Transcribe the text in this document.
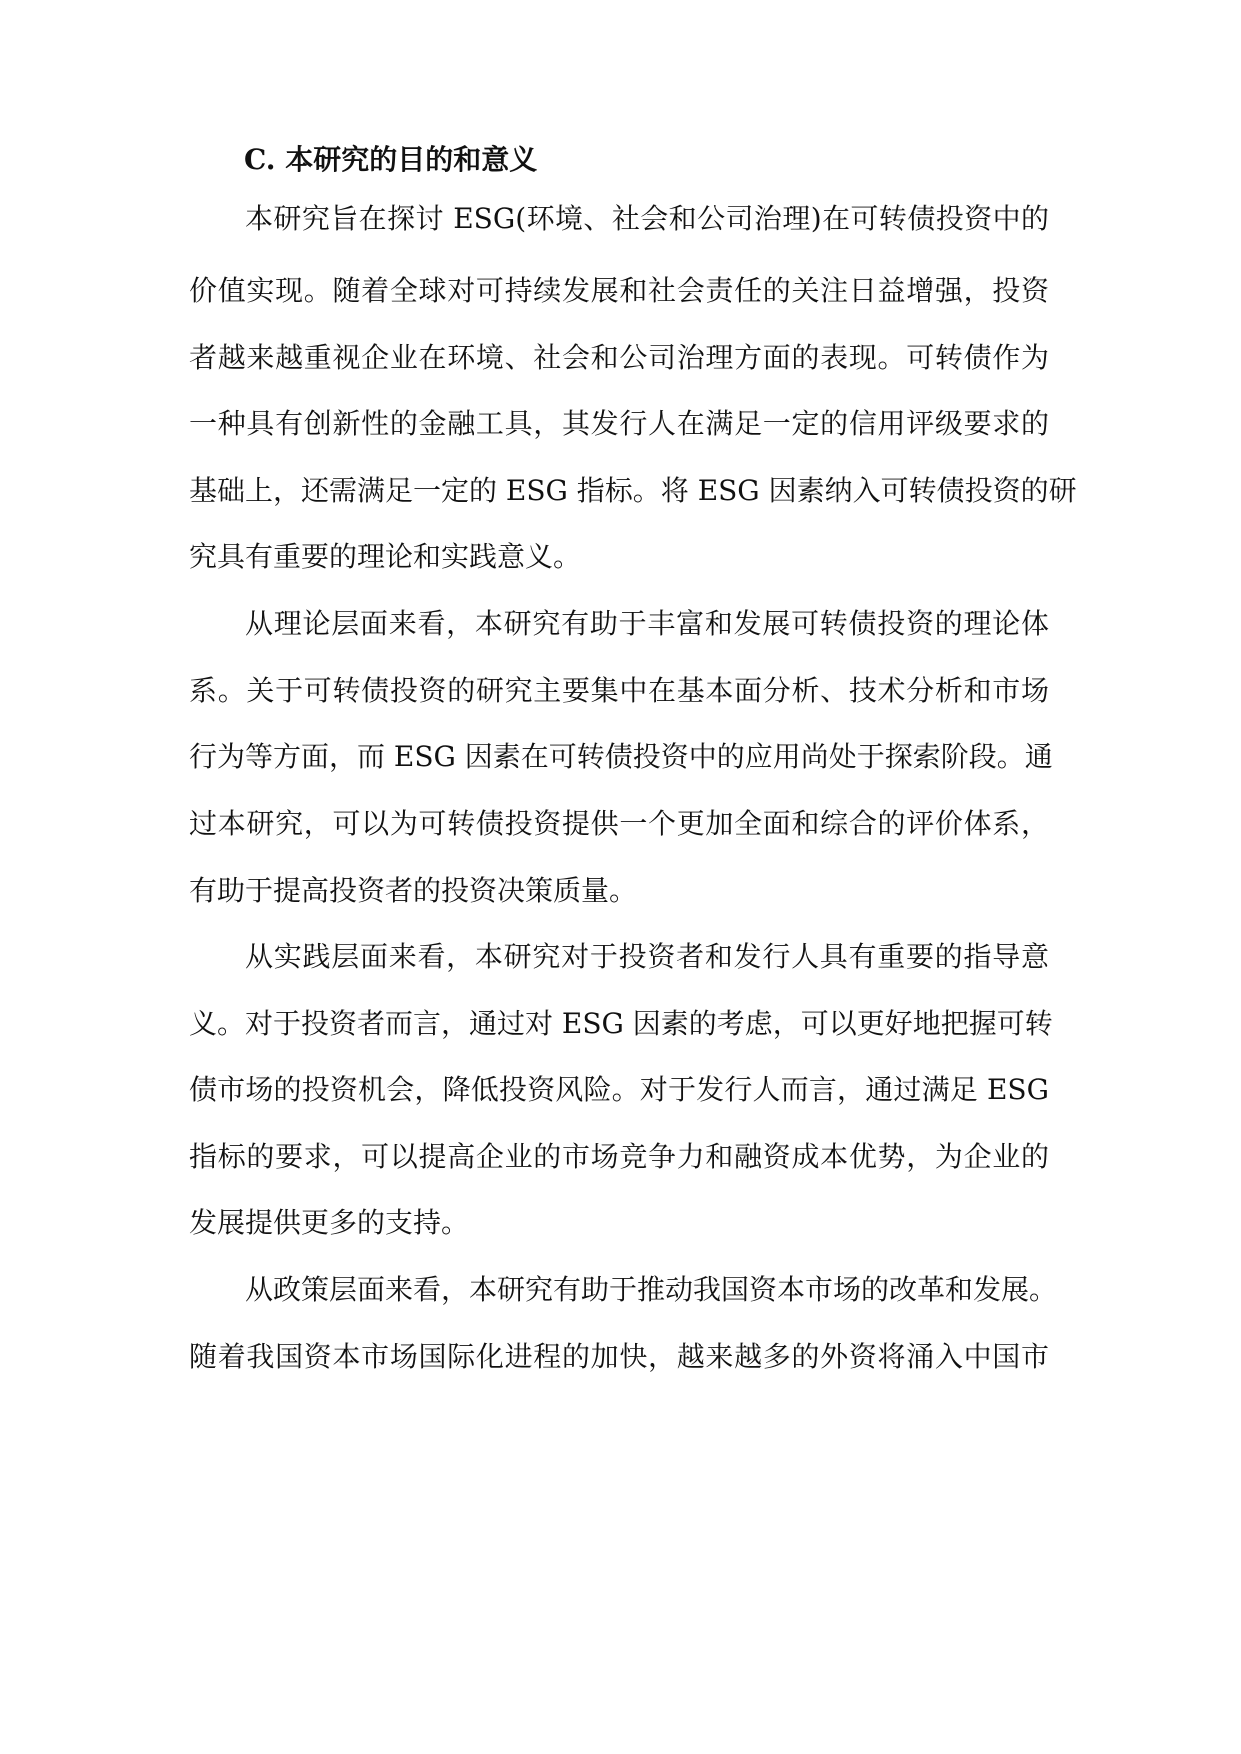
C. 本研究的目的和意义
本研究旨在探讨 ESG(环境、社会和公司治理)在可转债投资中的
价值实现。随着全球对可持续发展和社会责任的关注日益增强，投资
者越来越重视企业在环境、社会和公司治理方面的表现。可转债作为
一种具有创新性的金融工具，其发行人在满足一定的信用评级要求的
基础上，还需满足一定的 ESG 指标。将 ESG 因素纳入可转债投资的研
究具有重要的理论和实践意义。
从理论层面来看，本研究有助于丰富和发展可转债投资的理论体
系。关于可转债投资的研究主要集中在基本面分析、技术分析和市场
行为等方面，而 ESG 因素在可转债投资中的应用尚处于探索阶段。通
过本研究，可以为可转债投资提供一个更加全面和综合的评价体系，
有助于提高投资者的投资决策质量。
从实践层面来看，本研究对于投资者和发行人具有重要的指导意
义。对于投资者而言，通过对 ESG 因素的考虑，可以更好地把握可转
债市场的投资机会，降低投资风险。对于发行人而言，通过满足 ESG
指标的要求，可以提高企业的市场竞争力和融资成本优势，为企业的
发展提供更多的支持。
从政策层面来看，本研究有助于推动我国资本市场的改革和发展。
随着我国资本市场国际化进程的加快，越来越多的外资将涌入中国市
